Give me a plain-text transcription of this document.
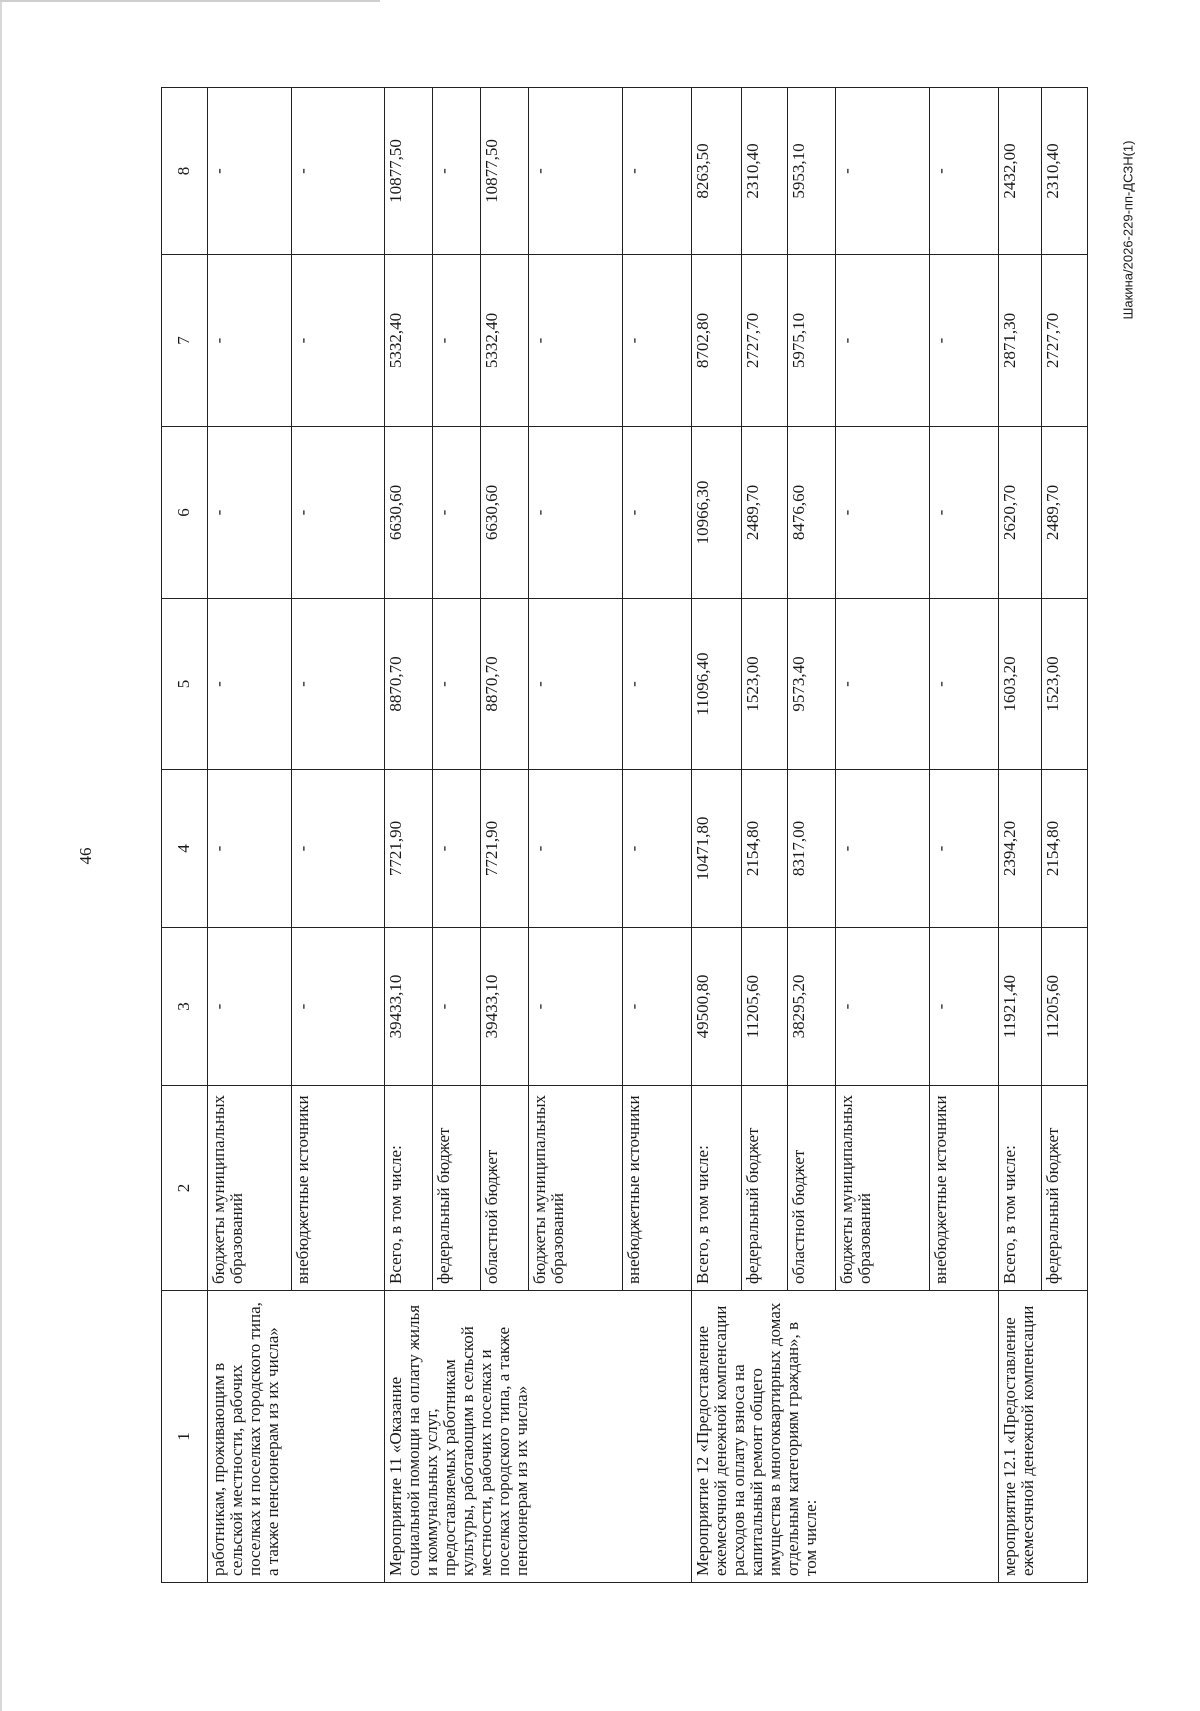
46
1	2	3	4	5	6	7	8
работникам, проживающим в сельской местности, рабочих поселках и поселках городского типа, а также пенсионерам из их числа»	бюджеты муниципальных образований	-	-	-	-	-	-
	внебюджетные источники	-	-	-	-	-	-
Мероприятие 11 «Оказание социальной помощи на оплату жилья и коммунальных услуг, предоставляемых работникам культуры, работающим в сельской местности, рабочих поселках и поселках городского типа, а также пенсионерам из их числа»	Всего, в том числе:	39433,10	7721,90	8870,70	6630,60	5332,40	10877,50
	федеральный бюджет	-	-	-	-	-	-
	областной бюджет	39433,10	7721,90	8870,70	6630,60	5332,40	10877,50
	бюджеты муниципальных образований	-	-	-	-	-	-
	внебюджетные источники	-	-	-	-	-	-
Мероприятие 12 «Предоставление ежемесячной денежной компенсации расходов на оплату взноса на капитальный ремонт общего имущества в многоквартирных домах отдельным категориям граждан», в том числе:	Всего, в том числе:	49500,80	10471,80	11096,40	10966,30	8702,80	8263,50
	федеральный бюджет	11205,60	2154,80	1523,00	2489,70	2727,70	2310,40
	областной бюджет	38295,20	8317,00	9573,40	8476,60	5975,10	5953,10
	бюджеты муниципальных образований	-	-	-	-	-	-
	внебюджетные источники	-	-	-	-	-	-
мероприятие 12.1 «Предоставление ежемесячной денежной компенсации	Всего, в том числе:	11921,40	2394,20	1603,20	2620,70	2871,30	2432,00
	федеральный бюджет	11205,60	2154,80	1523,00	2489,70	2727,70	2310,40	Шакина/2026-229-пп-ДСЗН(1)
